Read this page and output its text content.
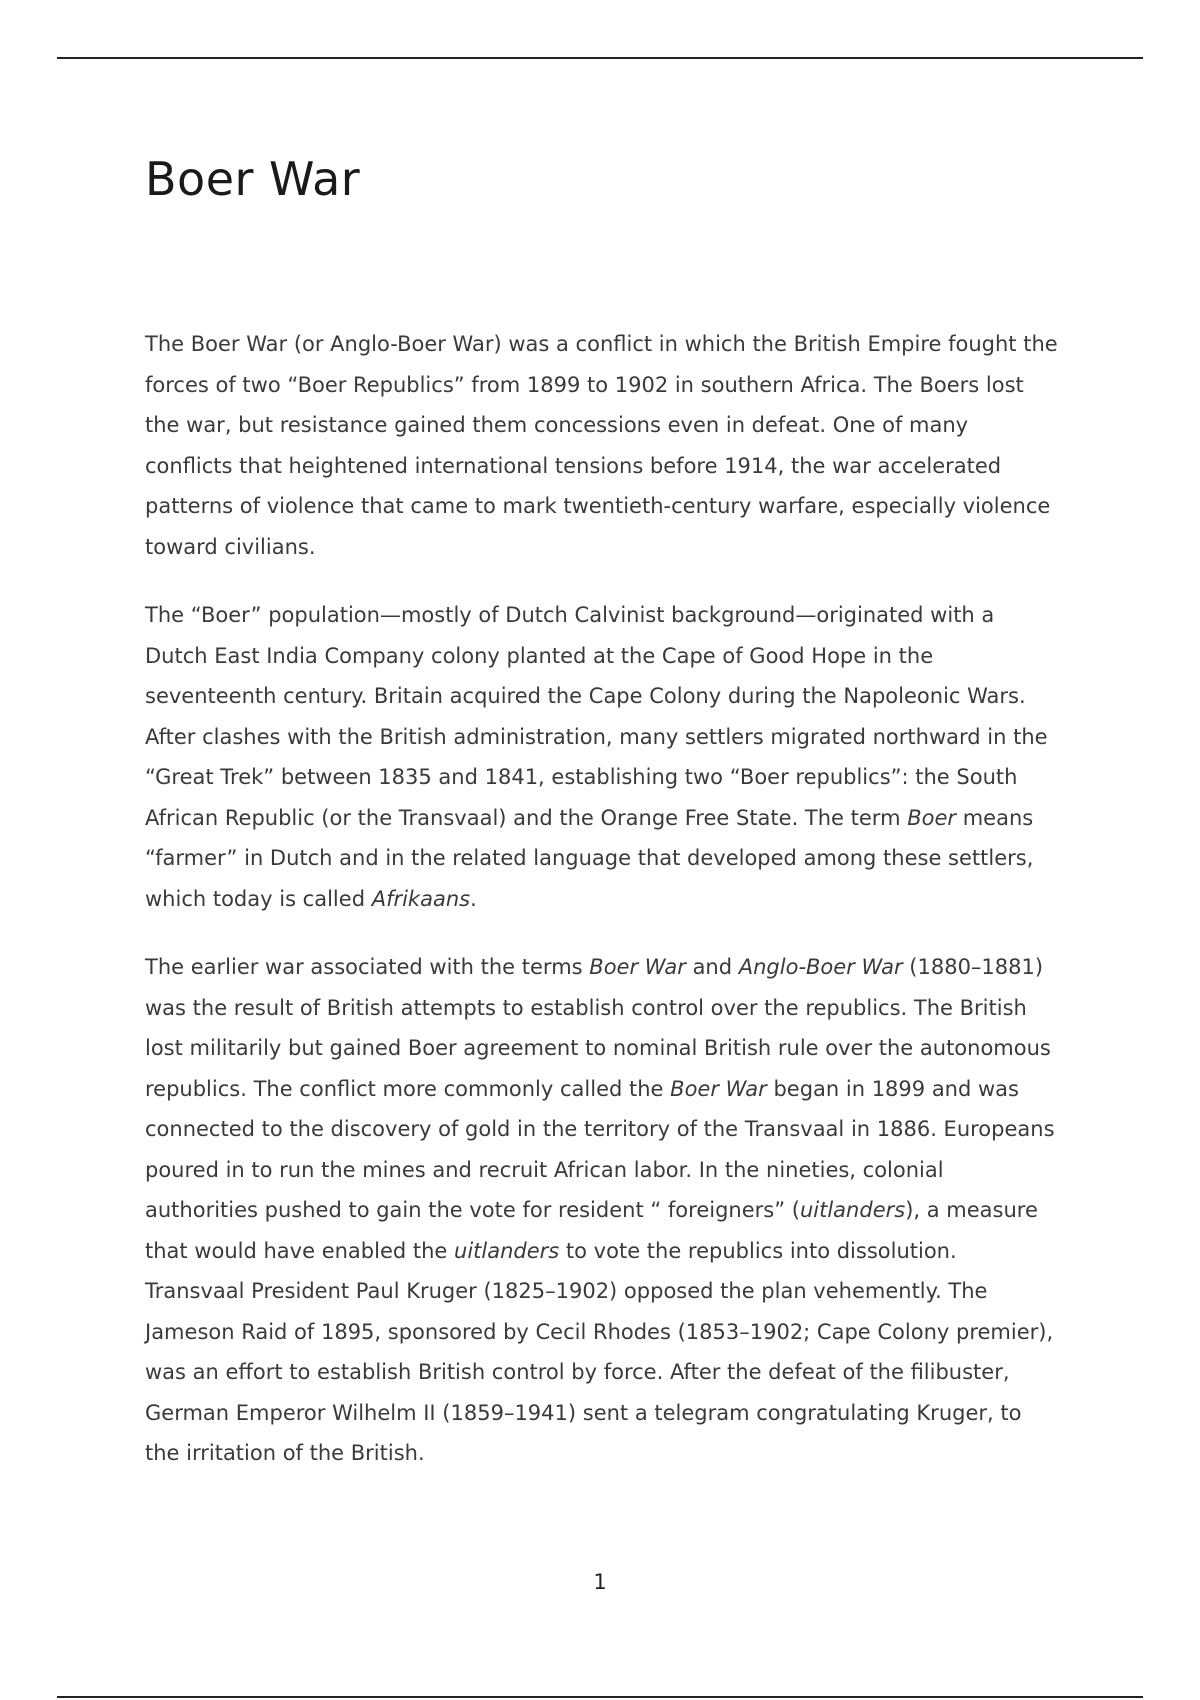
Boer War

The Boer War (or Anglo-Boer War) was a conflict in which the British Empire fought the forces of two “Boer Republics” from 1899 to 1902 in southern Africa. The Boers lost the war, but resistance gained them concessions even in defeat. One of many conflicts that heightened international tensions before 1914, the war accelerated patterns of violence that came to mark twentieth-century warfare, especially violence toward civilians.

The “Boer” population—mostly of Dutch Calvinist background—originated with a Dutch East India Company colony planted at the Cape of Good Hope in the seventeenth century. Britain acquired the Cape Colony during the Napoleonic Wars. After clashes with the British administration, many settlers migrated northward in the “Great Trek” between 1835 and 1841, establishing two “Boer republics”: the South African Republic (or the Transvaal) and the Orange Free State. The term Boer means “farmer” in Dutch and in the related language that developed among these settlers, which today is called Afrikaans.

The earlier war associated with the terms Boer War and Anglo-Boer War (1880–1881) was the result of British attempts to establish control over the republics. The British lost militarily but gained Boer agreement to nominal British rule over the autonomous republics. The conflict more commonly called the Boer War began in 1899 and was connected to the discovery of gold in the territory of the Transvaal in 1886. Europeans poured in to run the mines and recruit African labor. In the nineties, colonial authorities pushed to gain the vote for resident “ foreigners” (uitlanders), a measure that would have enabled the uitlanders to vote the republics into dissolution. Transvaal President Paul Kruger (1825–1902) opposed the plan vehemently. The Jameson Raid of 1895, sponsored by Cecil Rhodes (1853–1902; Cape Colony premier), was an effort to establish British control by force. After the defeat of the filibuster, German Emperor Wilhelm II (1859–1941) sent a telegram congratulating Kruger, to the irritation of the British.

1
